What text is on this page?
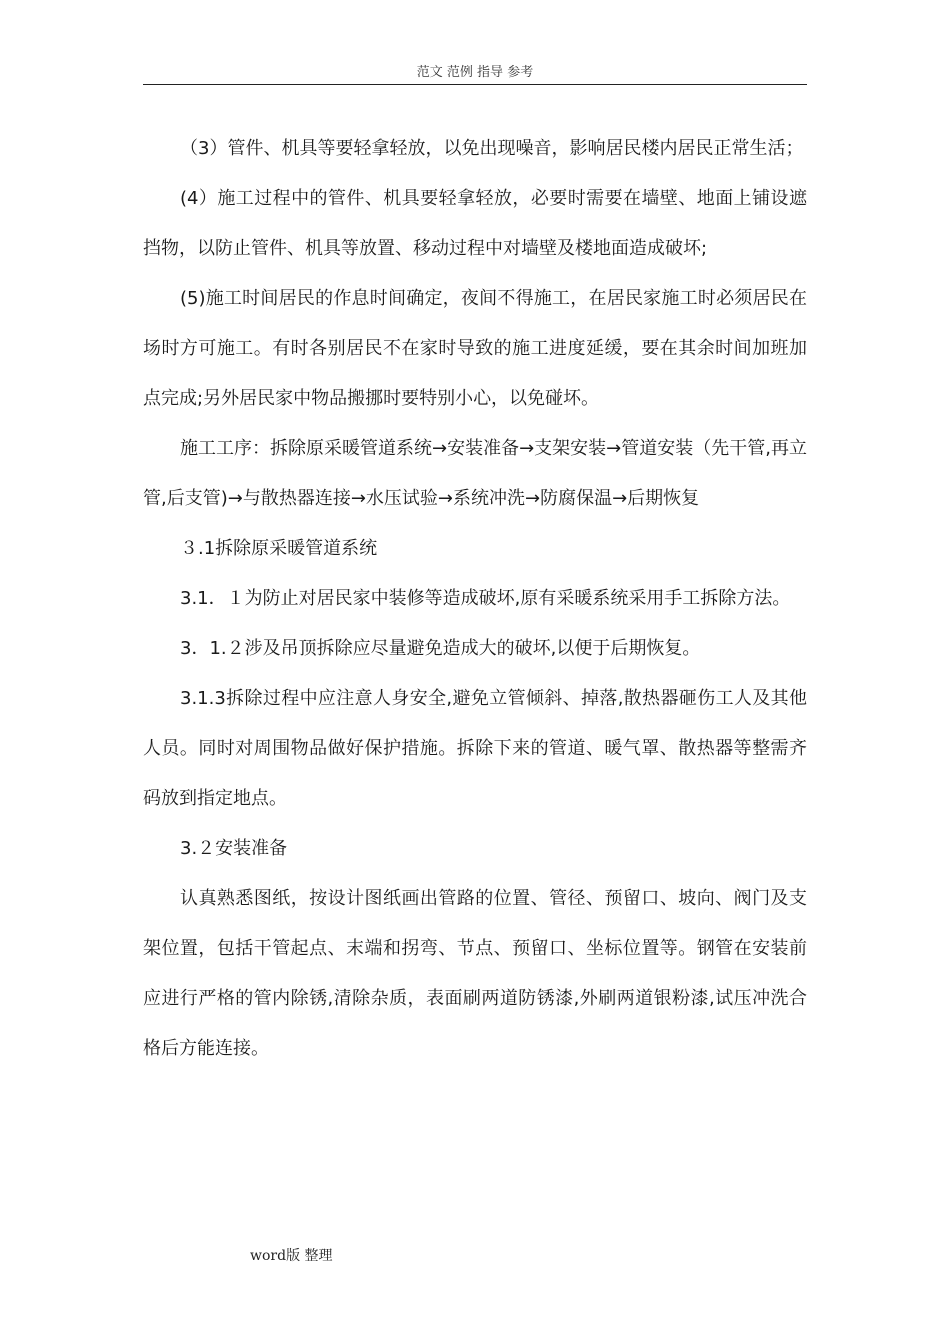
范文 范例 指导 参考

（3）管件、机具等要轻拿轻放，以免出现噪音，影响居民楼内居民正常生活；

(4）施工过程中的管件、机具要轻拿轻放，必要时需要在墙壁、地面上铺设遮挡物，以防止管件、机具等放置、移动过程中对墙壁及楼地面造成破坏;

(5)施工时间居民的作息时间确定，夜间不得施工，在居民家施工时必须居民在场时方可施工。有时各别居民不在家时导致的施工进度延缓，要在其余时间加班加点完成;另外居民家中物品搬挪时要特别小心，以免碰坏。

施工工序：拆除原采暖管道系统→安装准备→支架安装→管道安装（先干管,再立管,后支管)→与散热器连接→水压试验→系统冲洗→防腐保温→后期恢复

３.1拆除原采暖管道系统

3.1．１为防止对居民家中装修等造成破坏,原有采暖系统采用手工拆除方法。

3．1.２涉及吊顶拆除应尽量避免造成大的破坏,以便于后期恢复。

3.1.3拆除过程中应注意人身安全,避免立管倾斜、掉落,散热器砸伤工人及其他人员。同时对周围物品做好保护措施。拆除下来的管道、暖气罩、散热器等整需齐码放到指定地点。

3.２安装准备

认真熟悉图纸，按设计图纸画出管路的位置、管径、预留口、坡向、阀门及支架位置，包括干管起点、末端和拐弯、节点、预留口、坐标位置等。钢管在安装前应进行严格的管内除锈,清除杂质，表面刷两道防锈漆,外刷两道银粉漆,试压冲洗合格后方能连接。

word版 整理
